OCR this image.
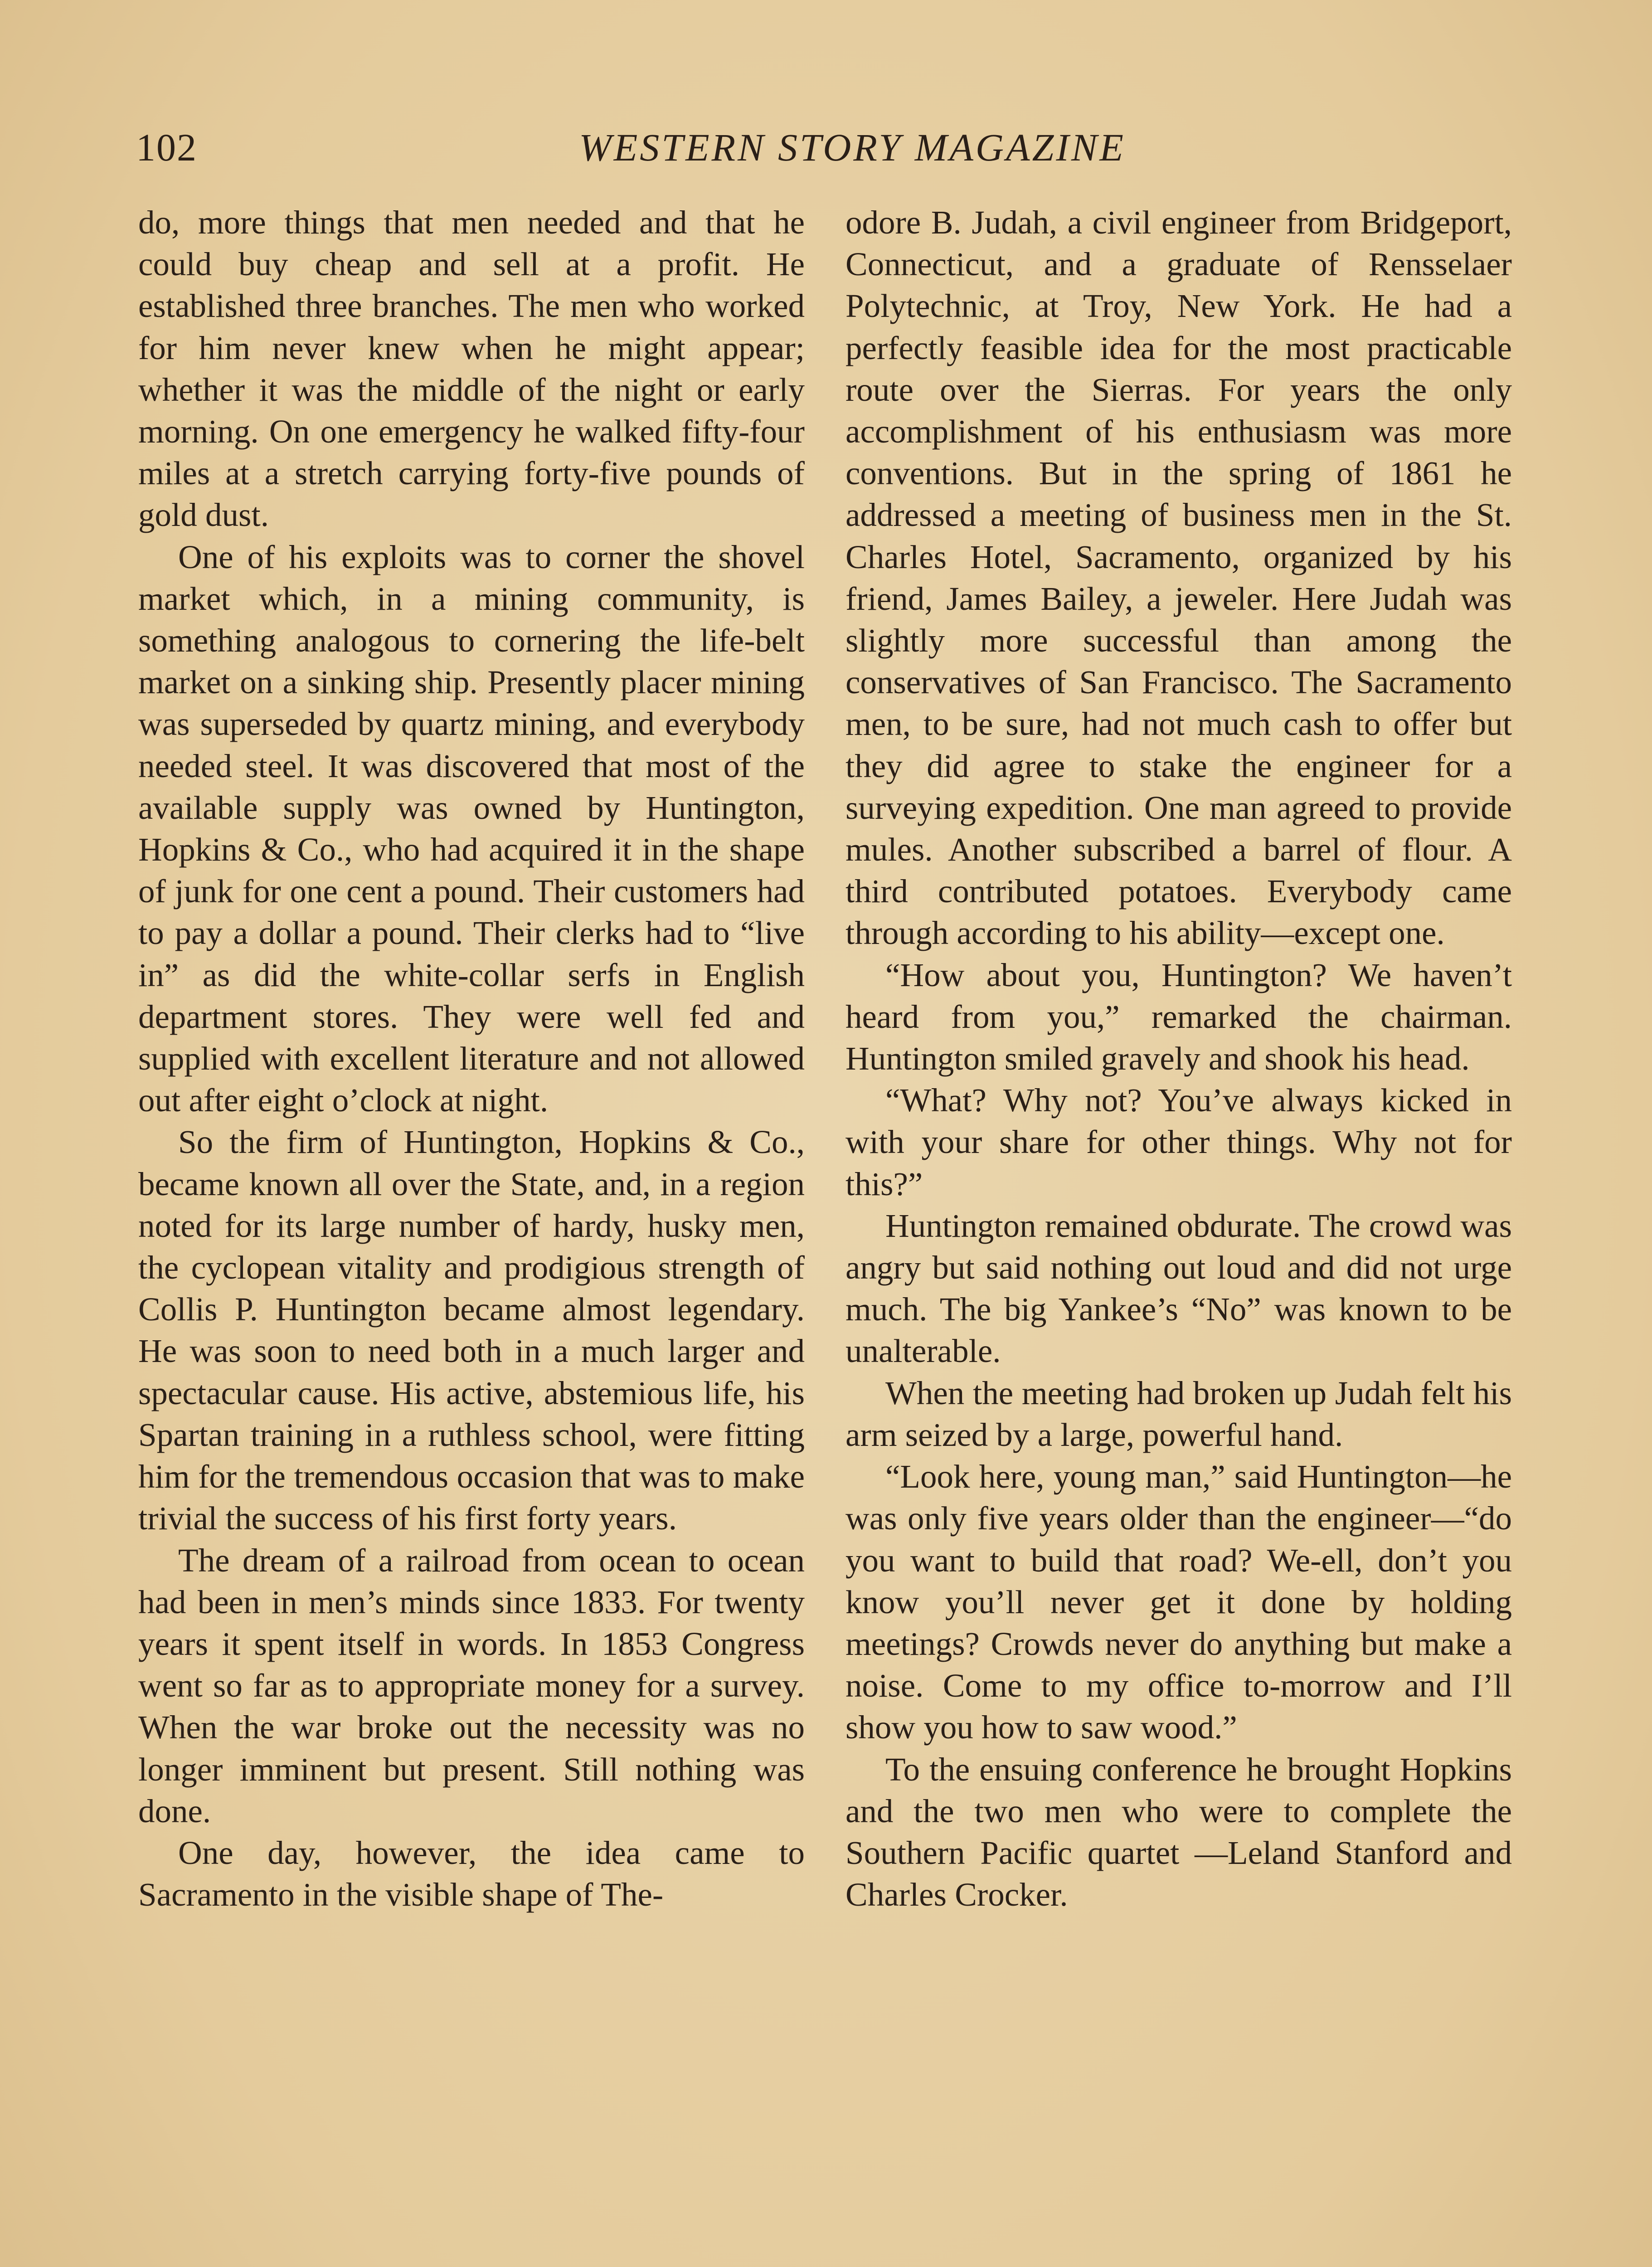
102	WESTERN STORY MAGAZINE

do, more things that men needed and that he could buy cheap and sell at a profit. He established three branches. The men who worked for him never knew when he might appear; whether it was the middle of the night or early morning. On one emergency he walked fifty-four miles at a stretch carrying forty-five pounds of gold dust.

One of his exploits was to corner the shovel market which, in a mining community, is something analogous to cornering the life-belt market on a sinking ship. Presently placer mining was superseded by quartz mining, and everybody needed steel. It was discovered that most of the available supply was owned by Huntington, Hopkins & Co., who had acquired it in the shape of junk for one cent a pound. Their customers had to pay a dollar a pound. Their clerks had to “live in” as did the white-collar serfs in English department stores. They were well fed and supplied with excellent literature and not allowed out after eight o’clock at night.

So the firm of Huntington, Hopkins & Co., became known all over the State, and, in a region noted for its large number of hardy, husky men, the cyclopean vitality and prodigious strength of Collis P. Huntington became almost legendary. He was soon to need both in a much larger and spectacular cause. His active, abstemious life, his Spartan training in a ruthless school, were fitting him for the tremendous occasion that was to make trivial the success of his first forty years.

The dream of a railroad from ocean to ocean had been in men’s minds since 1833. For twenty years it spent itself in words. In 1853 Congress went so far as to appropriate money for a survey. When the war broke out the necessity was no longer imminent but present. Still nothing was done.

One day, however, the idea came to Sacramento in the visible shape of The-

odore B. Judah, a civil engineer from Bridgeport, Connecticut, and a graduate of Rensselaer Polytechnic, at Troy, New York. He had a perfectly feasible idea for the most practicable route over the Sierras. For years the only accomplishment of his enthusiasm was more conventions. But in the spring of 1861 he addressed a meeting of business men in the St. Charles Hotel, Sacramento, organized by his friend, James Bailey, a jeweler. Here Judah was slightly more successful than among the conservatives of San Francisco. The Sacramento men, to be sure, had not much cash to offer but they did agree to stake the engineer for a surveying expedition. One man agreed to provide mules. Another subscribed a barrel of flour. A third contributed potatoes. Everybody came through according to his ability—except one.

“How about you, Huntington? We haven’t heard from you,” remarked the chairman. Huntington smiled gravely and shook his head.

“What? Why not? You’ve always kicked in with your share for other things. Why not for this?”

Huntington remained obdurate. The crowd was angry but said nothing out loud and did not urge much. The big Yankee’s “No” was known to be unalterable.

When the meeting had broken up Judah felt his arm seized by a large, powerful hand.

“Look here, young man,” said Huntington—he was only five years older than the engineer—“do you want to build that road? We-ell, don’t you know you’ll never get it done by holding meetings? Crowds never do anything but make a noise. Come to my office to-morrow and I’ll show you how to saw wood.”

To the ensuing conference he brought Hopkins and the two men who were to complete the Southern Pacific quartet —Leland Stanford and Charles Crocker.
